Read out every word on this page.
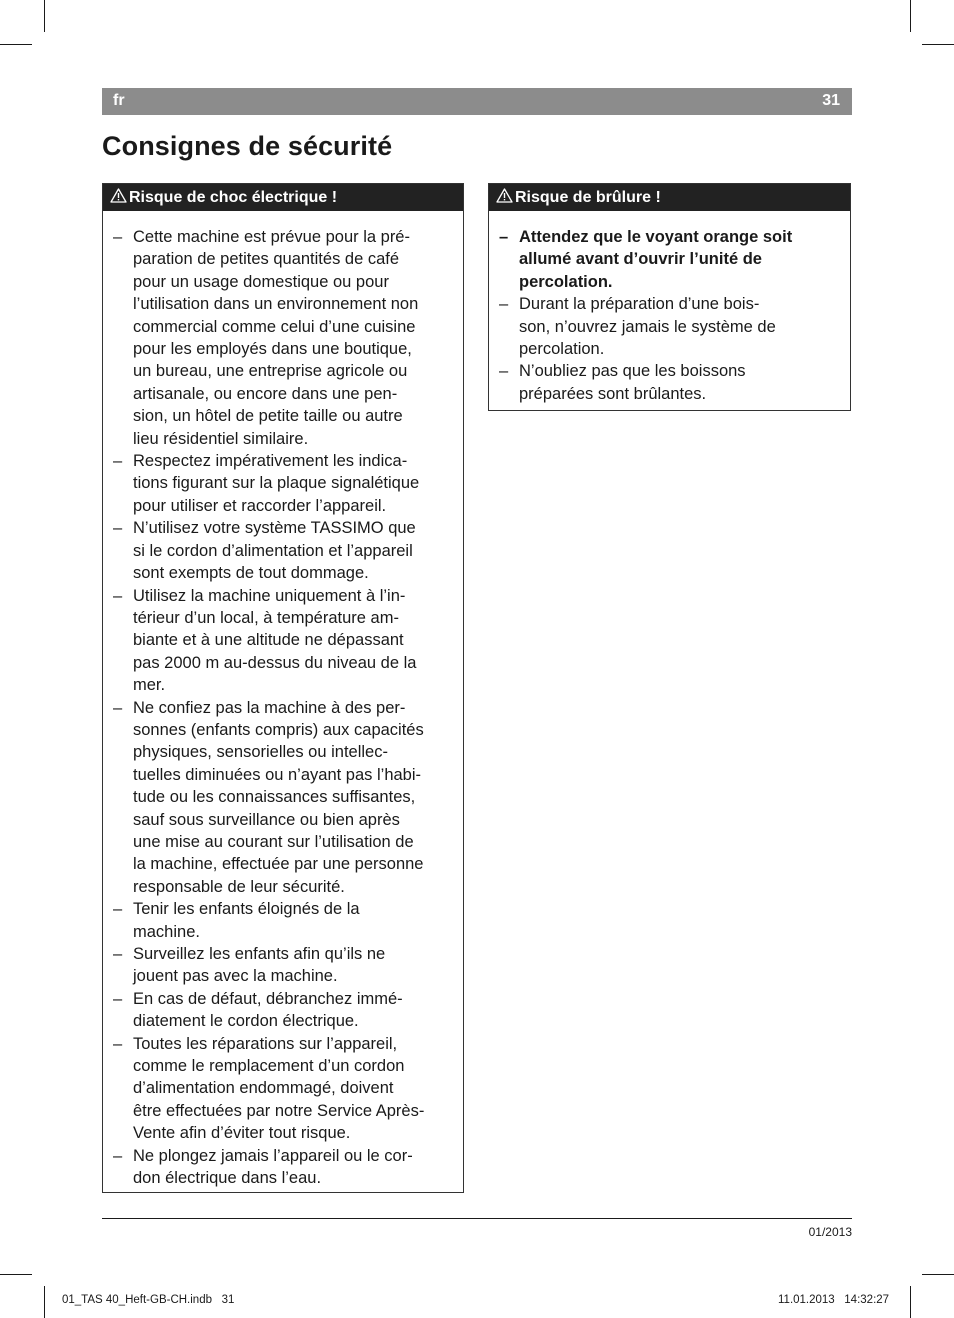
fr	31
Consignes de sécurité
Risque de choc électrique !
– Cette machine est prévue pour la pré-
paration de petites quantités de café
pour un usage domestique ou pour
l’utilisation dans un environnement non
commercial comme celui d’une cuisine
pour les employés dans une boutique,
un bureau, une entreprise agricole ou
artisanale, ou encore dans une pen-
sion, un hôtel de petite taille ou autre
lieu résidentiel similaire.
– Respectez impérativement les indica-
tions figurant sur la plaque signalétique
pour utiliser et raccorder l’appareil.
– N’utilisez votre système TASSIMO que
si le cordon d’alimentation et l’appareil
sont exempts de tout dommage.
– Utilisez la machine uniquement à l’in-
térieur d’un local, à température am-
biante et à une altitude ne dépassant
pas 2000 m au-dessus du niveau de la
mer.
– Ne confiez pas la machine à des per-
sonnes (enfants compris) aux capacités
physiques, sensorielles ou intellec-
tuelles diminuées ou n’ayant pas l’habi-
tude ou les connaissances suffisantes,
sauf sous surveillance ou bien après
une mise au courant sur l’utilisation de
la machine, effectuée par une personne
responsable de leur sécurité.
– Tenir les enfants éloignés de la
machine.
– Surveillez les enfants afin qu’ils ne
jouent pas avec la machine.
– En cas de défaut, débranchez immé-
diatement le cordon électrique.
– Toutes les réparations sur l’appareil,
comme le remplacement d’un cordon
d’alimentation endommagé, doivent
être effectuées par notre Service Après-
Vente afin d’éviter tout risque.
– Ne plongez jamais l’appareil ou le cor-
don électrique dans l’eau.
Risque de brûlure !
– Attendez que le voyant orange soit
allumé avant d’ouvrir l’unité de
percolation.
– Durant la préparation d’une bois-
son, n’ouvrez jamais le système de
percolation.
– N’oubliez pas que les boissons
préparées sont brûlantes.
01/2013
01_TAS 40_Heft-GB-CH.indb   31	11.01.2013   14:32:27
